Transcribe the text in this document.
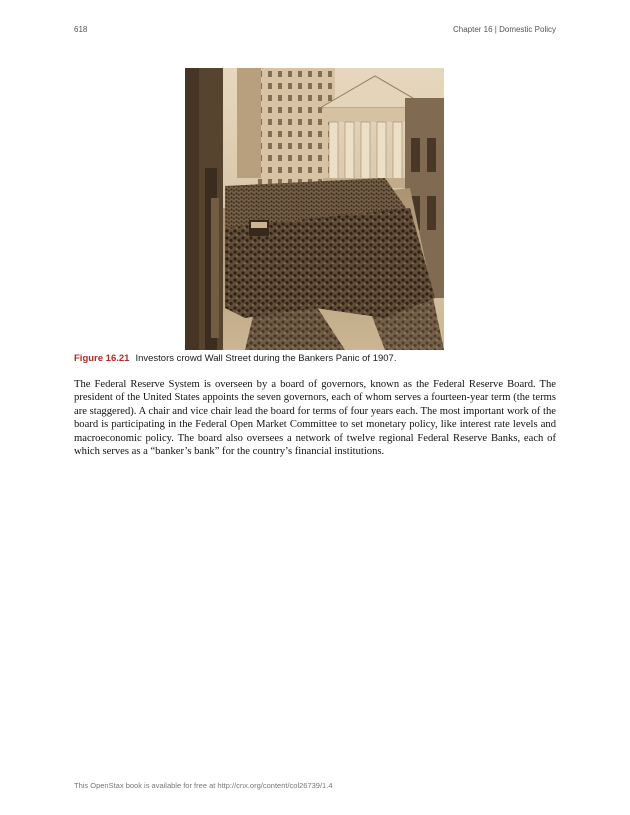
618	Chapter 16 | Domestic Policy
Figure 16.21 Investors crowd Wall Street during the Bankers Panic of 1907.

The Federal Reserve System is overseen by a board of governors, known as the Federal Reserve Board. The president of the United States appoints the seven governors, each of whom serves a fourteen-year term (the terms are staggered). A chair and vice chair lead the board for terms of four years each. The most important work of the board is participating in the Federal Open Market Committee to set monetary policy, like interest rate levels and macroeconomic policy. The board also oversees a network of twelve regional Federal Reserve Banks, each of which serves as a “banker’s bank” for the country’s financial institutions.

This OpenStax book is available for free at http://cnx.org/content/col26739/1.4
